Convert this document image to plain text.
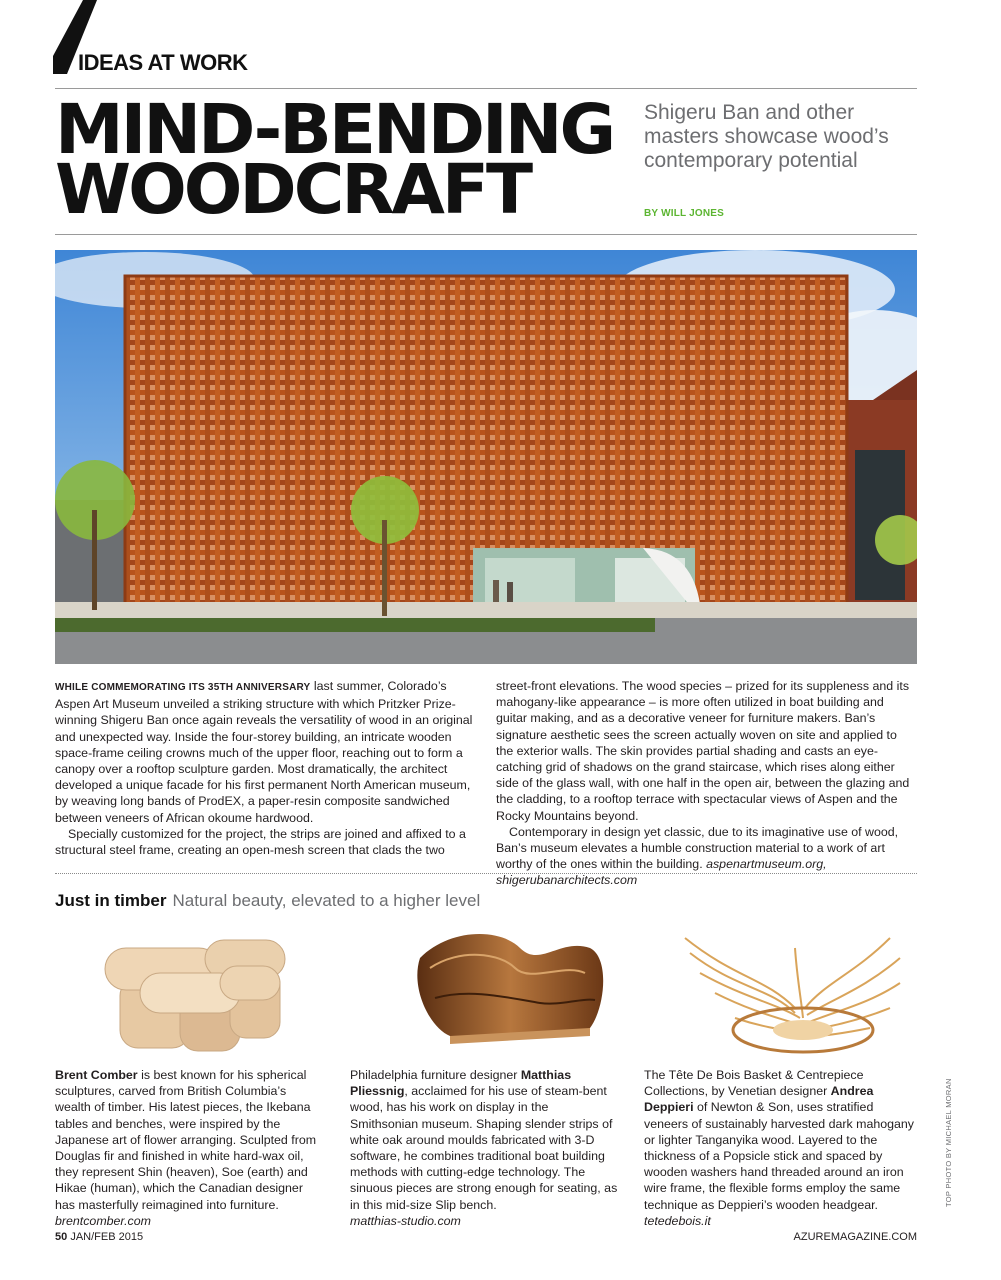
IDEAS AT WORK
MIND-BENDING
WOODCRAFT
Shigeru Ban and other masters showcase wood’s contemporary potential
BY WILL JONES

WHILE COMMEMORATING ITS 35TH ANNIVERSARY last summer, Colorado’s Aspen Art Museum unveiled a striking structure with which Pritzker Prize-winning Shigeru Ban once again reveals the versatility of wood in an original and unexpected way. Inside the four-storey building, an intricate wooden space-frame ceiling crowns much of the upper floor, reaching out to form a canopy over a rooftop sculpture garden. Most dramatically, the architect developed a unique facade for his first permanent North American museum, by weaving long bands of ProdEX, a paper-resin composite sandwiched between veneers of African okoume hardwood.

Specially customized for the project, the strips are joined and affixed to a structural steel frame, creating an open-mesh screen that clads the two

street-front elevations. The wood species – prized for its suppleness and its mahogany-like appearance – is more often utilized in boat building and guitar making, and as a decorative veneer for furniture makers. Ban’s signature aesthetic sees the screen actually woven on site and applied to the exterior walls. The skin provides partial shading and casts an eye-catching grid of shadows on the grand staircase, which rises along either side of the glass wall, with one half in the open air, between the glazing and the cladding, to a rooftop terrace with spectacular views of Aspen and the Rocky Mountains beyond.

Contemporary in design yet classic, due to its imaginative use of wood, Ban’s museum elevates a humble construction material to a work of art worthy of the ones within the building. aspenartmuseum.org, shigerubanarchitects.com

Just in timber Natural beauty, elevated to a higher level

Brent Comber is best known for his spherical sculptures, carved from British Columbia’s wealth of timber. His latest pieces, the Ikebana tables and benches, were inspired by the Japanese art of flower arranging. Sculpted from Douglas fir and finished in white hard-wax oil, they represent Shin (heaven), Soe (earth) and Hikae (human), which the Canadian designer has masterfully reimagined into furniture.  brentcomber.com

Philadelphia furniture designer Matthias Pliessnig, acclaimed for his use of steam-bent wood, has his work on display in the Smithsonian museum. Shaping slender strips of white oak around moulds fabricated with 3-D software, he combines traditional boat building methods with cutting-edge technology. The sinuous pieces are strong enough for seating, as in this mid-size Slip bench.
matthias-studio.com

The Tête De Bois Basket & Centrepiece Collections, by Venetian designer Andrea Deppieri of Newton & Son, uses stratified veneers of sustainably harvested dark mahogany or lighter Tanganyika wood. Layered to the thickness of a Popsicle stick and spaced by wooden washers hand threaded around an iron wire frame, the flexible forms employ the same technique as Deppieri’s wooden headgear.
tetedebois.it

TOP PHOTO BY MICHAEL MORAN
50 JAN/FEB 2015	AZUREMAGAZINE.COM
